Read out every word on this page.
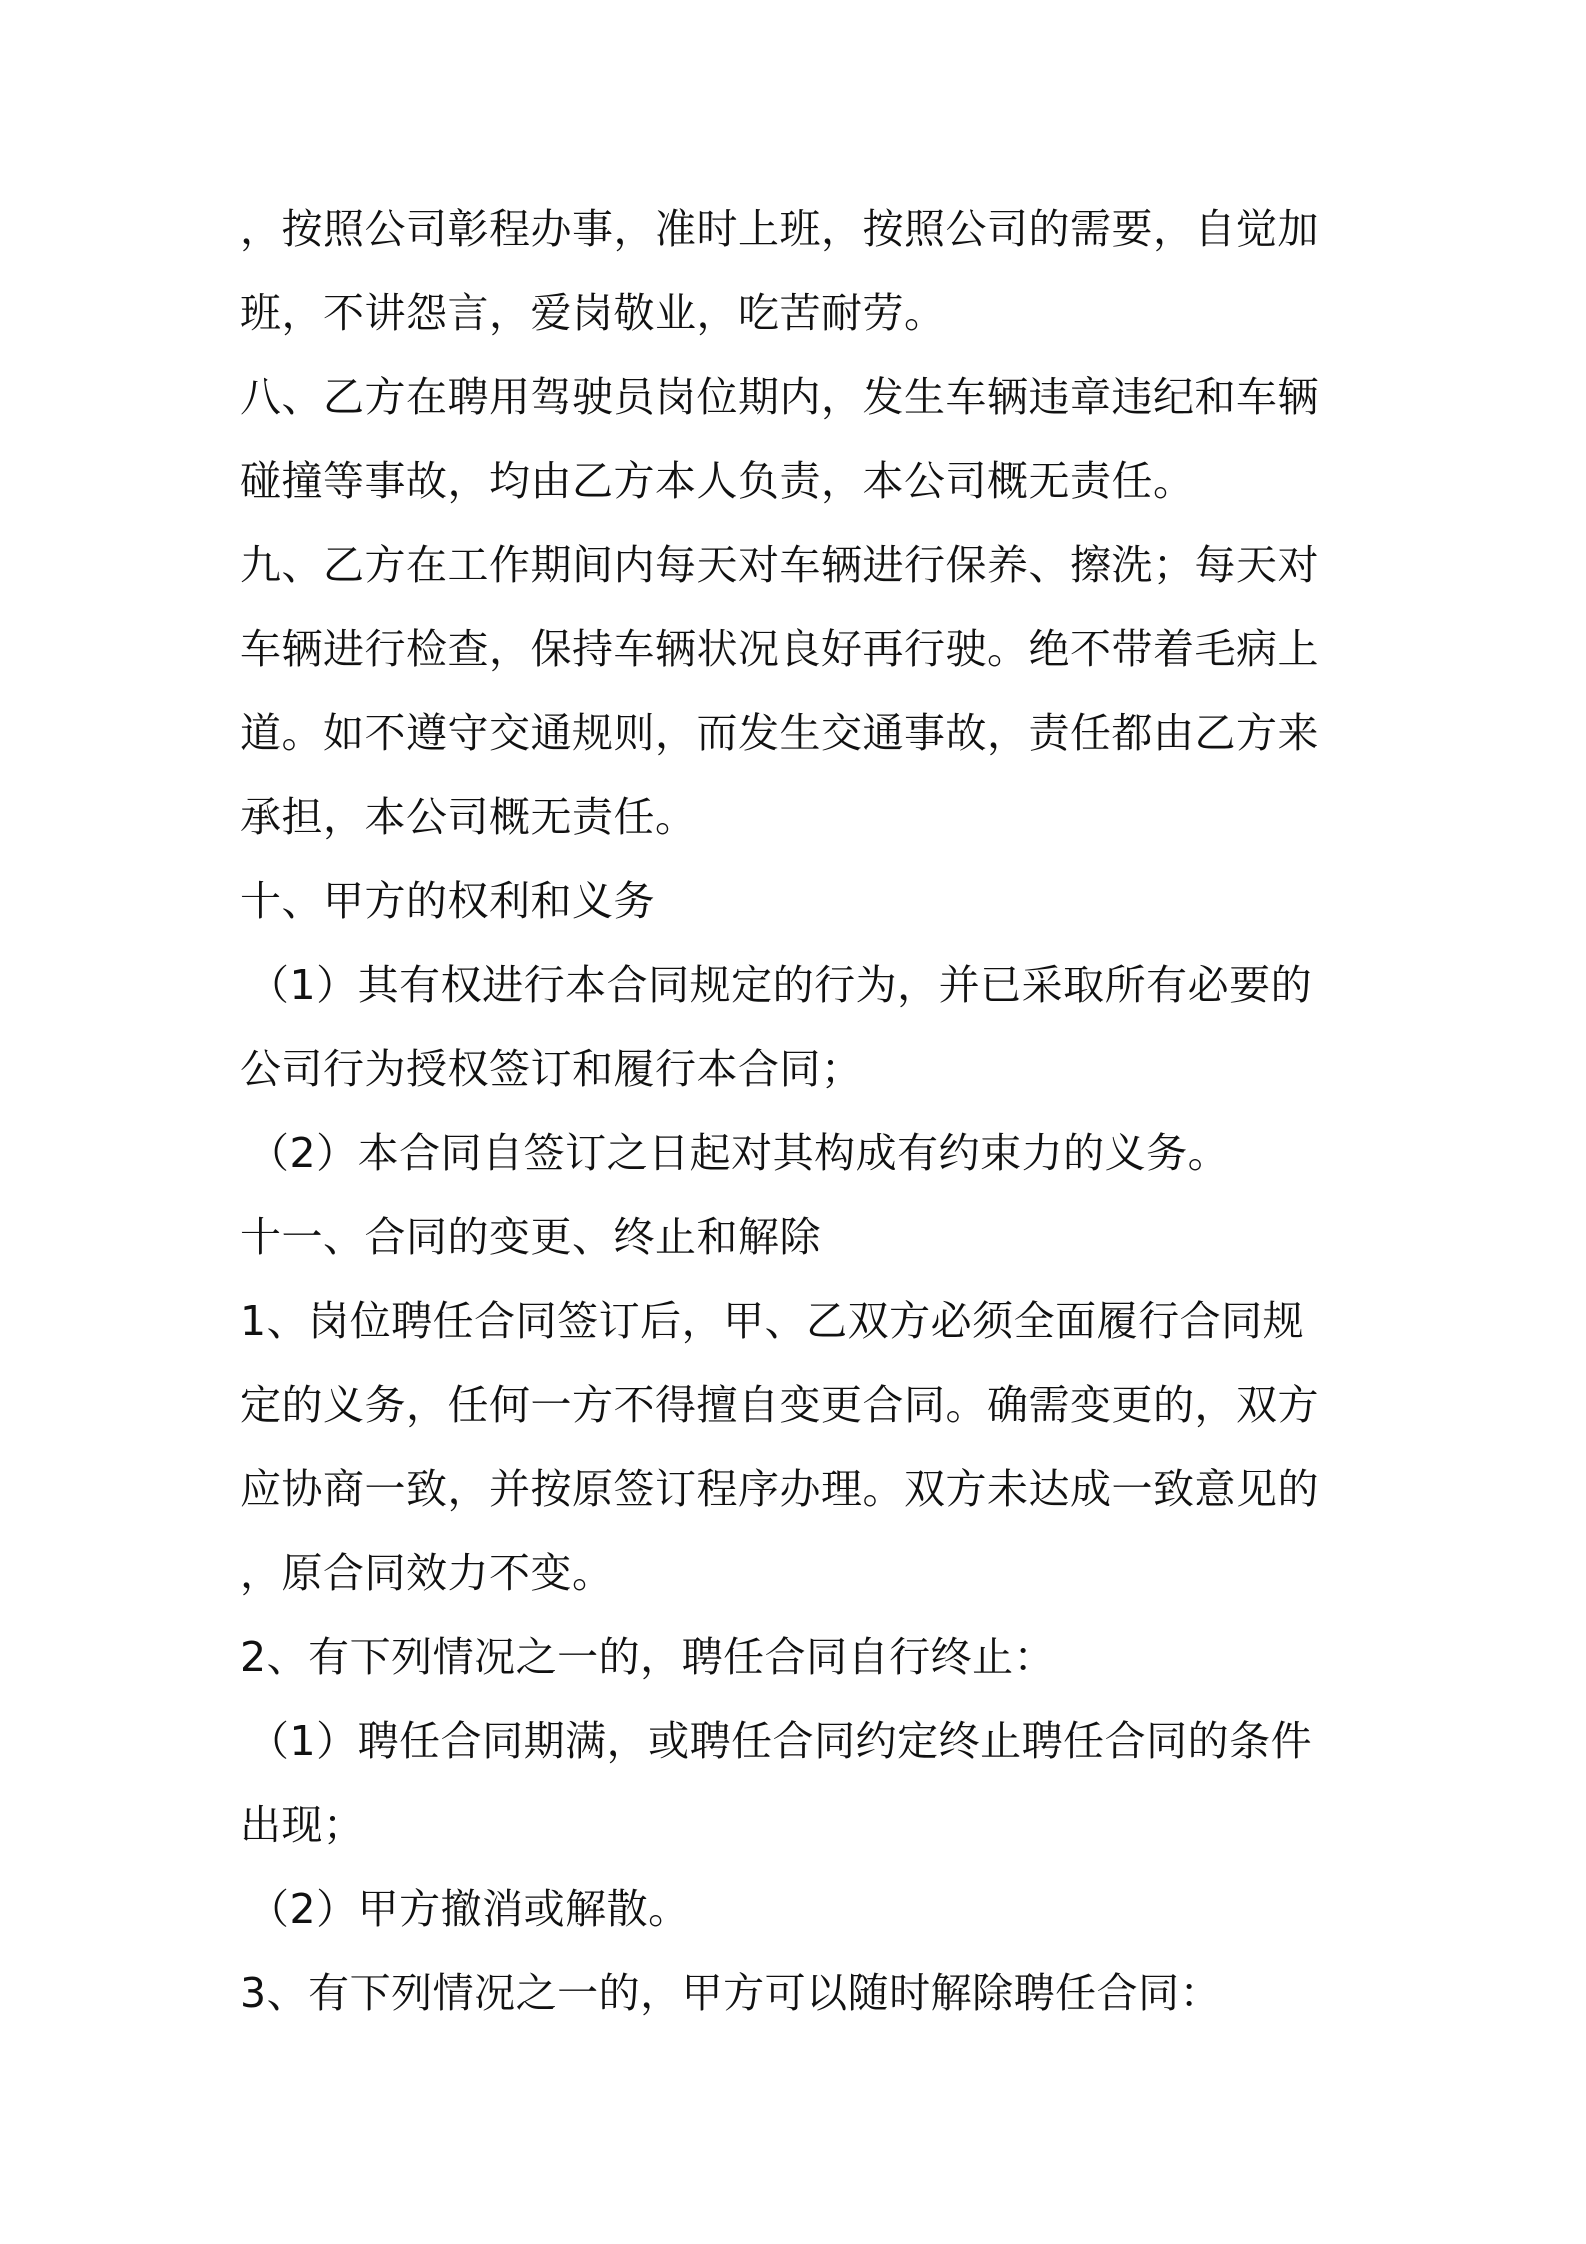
，按照公司彰程办事，准时上班，按照公司的需要，自觉加
班，不讲怨言，爱岗敬业，吃苦耐劳。
八、乙方在聘用驾驶员岗位期内，发生车辆违章违纪和车辆
碰撞等事故，均由乙方本人负责，本公司概无责任。
九、乙方在工作期间内每天对车辆进行保养、擦洗；每天对
车辆进行检查，保持车辆状况良好再行驶。绝不带着毛病上
道。如不遵守交通规则，而发生交通事故，责任都由乙方来
承担，本公司概无责任。
十、甲方的权利和义务
（1）其有权进行本合同规定的行为，并已采取所有必要的
公司行为授权签订和履行本合同；
（2）本合同自签订之日起对其构成有约束力的义务。
十一、合同的变更、终止和解除
1、岗位聘任合同签订后，甲、乙双方必须全面履行合同规
定的义务，任何一方不得擅自变更合同。确需变更的，双方
应协商一致，并按原签订程序办理。双方未达成一致意见的
，原合同效力不变。
2、有下列情况之一的，聘任合同自行终止：
（1）聘任合同期满，或聘任合同约定终止聘任合同的条件
出现；
（2）甲方撤消或解散。
3、有下列情况之一的，甲方可以随时解除聘任合同：
